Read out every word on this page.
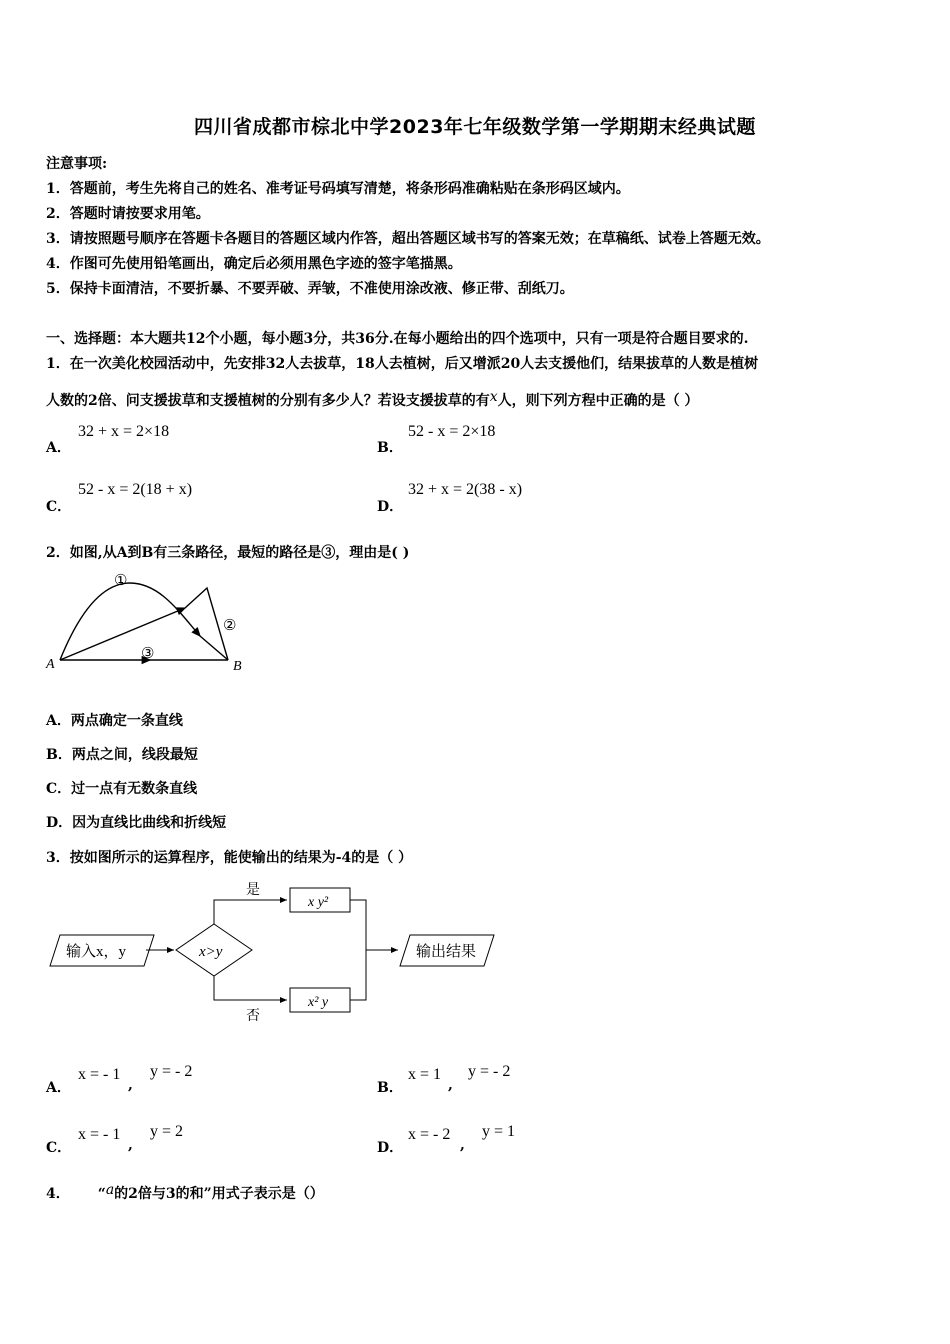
四川省成都市棕北中学2023年七年级数学第一学期期末经典试题
注意事项:
1．答题前，考生先将自己的姓名、准考证号码填写清楚，将条形码准确粘贴在条形码区域内。
2．答题时请按要求用笔。
3．请按照题号顺序在答题卡各题目的答题区域内作答，超出答题区域书写的答案无效；在草稿纸、试卷上答题无效。
4．作图可先使用铅笔画出，确定后必须用黑色字迹的签字笔描黑。
5．保持卡面清洁，不要折暴、不要弄破、弄皱，不准使用涂改液、修正带、刮纸刀。
一、选择题：本大题共12个小题，每小题3分，共36分.在每小题给出的四个选项中，只有一项是符合题目要求的.
1．在一次美化校园活动中，先安排32人去拔草，18人去植树，后又增派20人去支援他们，结果拔草的人数是植树
人数的2倍、问支援拔草和支援植树的分别有多少人？若设支援拔草的有x人，则下列方程中正确的是（ ）
A．
32 + x = 2×18
B．
52 - x = 2×18
C．
52 - x = 2(18 + x)
D．
32 + x = 2(38 - x)
2．如图,从A到B有三条路径，最短的路径是③，理由是( )
A	B
①
②
③
A．两点确定一条直线
B．两点之间，线段最短
C．过一点有无数条直线
D．因为直线比曲线和折线短
3．按如图所示的运算程序，能使输出的结果为-4的是（ ）
输入x，y	x>y
是
x y²
否
x² y
输出结果
A．
x = - 1
,
y = - 2
B．
x = 1
,
y = - 2
C．
x = - 1
,
y = 2
D．
x = - 2
,
y = 1
4． “a的2倍与3的和”用式子表示是（）
